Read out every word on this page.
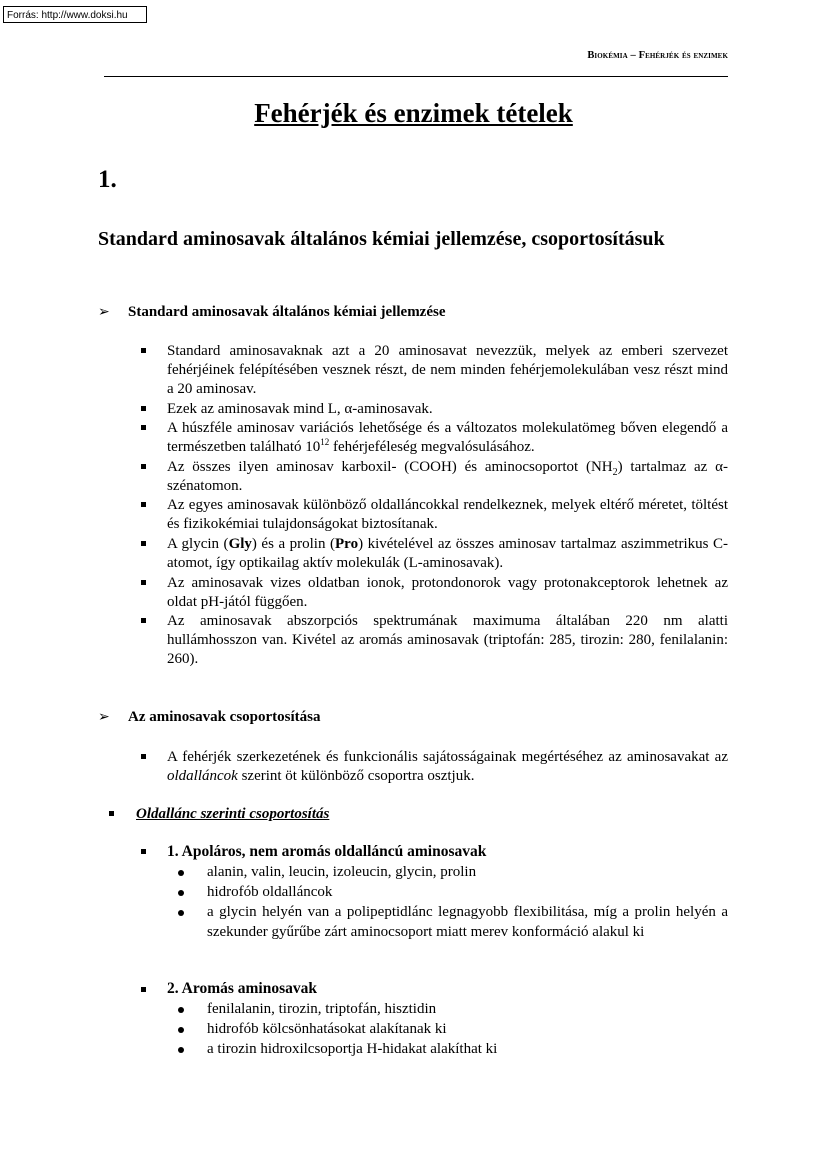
Forrás: http://www.doksi.hu
Biokémia – Fehérjék és enzimek
Fehérjék és enzimek tételek
1.
Standard aminosavak általános kémiai jellemzése, csoportosításuk
➢ Standard aminosavak általános kémiai jellemzése
Standard aminosavaknak azt a 20 aminosavat nevezzük, melyek az emberi szervezet fehérjéinek felépítésében vesznek részt, de nem minden fehérjemolekulában vesz részt mind a 20 aminosav.
Ezek az aminosavak mind L, α-aminosavak.
A húszféle aminosav variációs lehetősége és a változatos molekulatömeg bőven elegendő a természetben található $10^{12}$ fehérjeféleség megvalósulásához.
Az összes ilyen aminosav karboxil- (COOH) és aminocsoportot $(NH_2)$ tartalmaz az α-szénatomon.
Az egyes aminosavak különböző oldalláncokkal rendelkeznek, melyek eltérő méretet, töltést és fizikokémiai tulajdonságokat biztosítanak.
A glycin (Gly) és a prolin (Pro) kivételével az összes aminosav tartalmaz aszimmetrikus C-atomot, így optikailag aktív molekulák (L-aminosavak).
Az aminosavak vizes oldatban ionok, protondonorok vagy protonakceptorok lehetnek az oldat pH-jától függően.
Az aminosavak abszorpciós spektrumának maximuma általában 220 nm alatti hullámhosszon van. Kivétel az aromás aminosavak (triptofán: 285, tirozin: 280, fenilalanin: 260).
➢ Az aminosavak csoportosítása
A fehérjék szerkezetének és funkcionális sajátosságainak megértéséhez az aminosavakat az oldalláncok szerint öt különböző csoportra osztjuk.
Oldallánc szerinti csoportosítás
1. Apoláros, nem aromás oldalláncú aminosavak
alanin, valin, leucin, izoleucin, glycin, prolin
hidrofób oldalláncok
a glycin helyén van a polipeptidlánc legnagyobb flexibilitása, míg a prolin helyén a szekunder gyűrűbe zárt aminocsoport miatt merev konformáció alakul ki
2. Aromás aminosavak
fenilalanin, tirozin, triptofán, hisztidin
hidrofób kölcsönhatásokat alakítanak ki
a tirozin hidroxilcsoportja H-hidakat alakíthat ki
